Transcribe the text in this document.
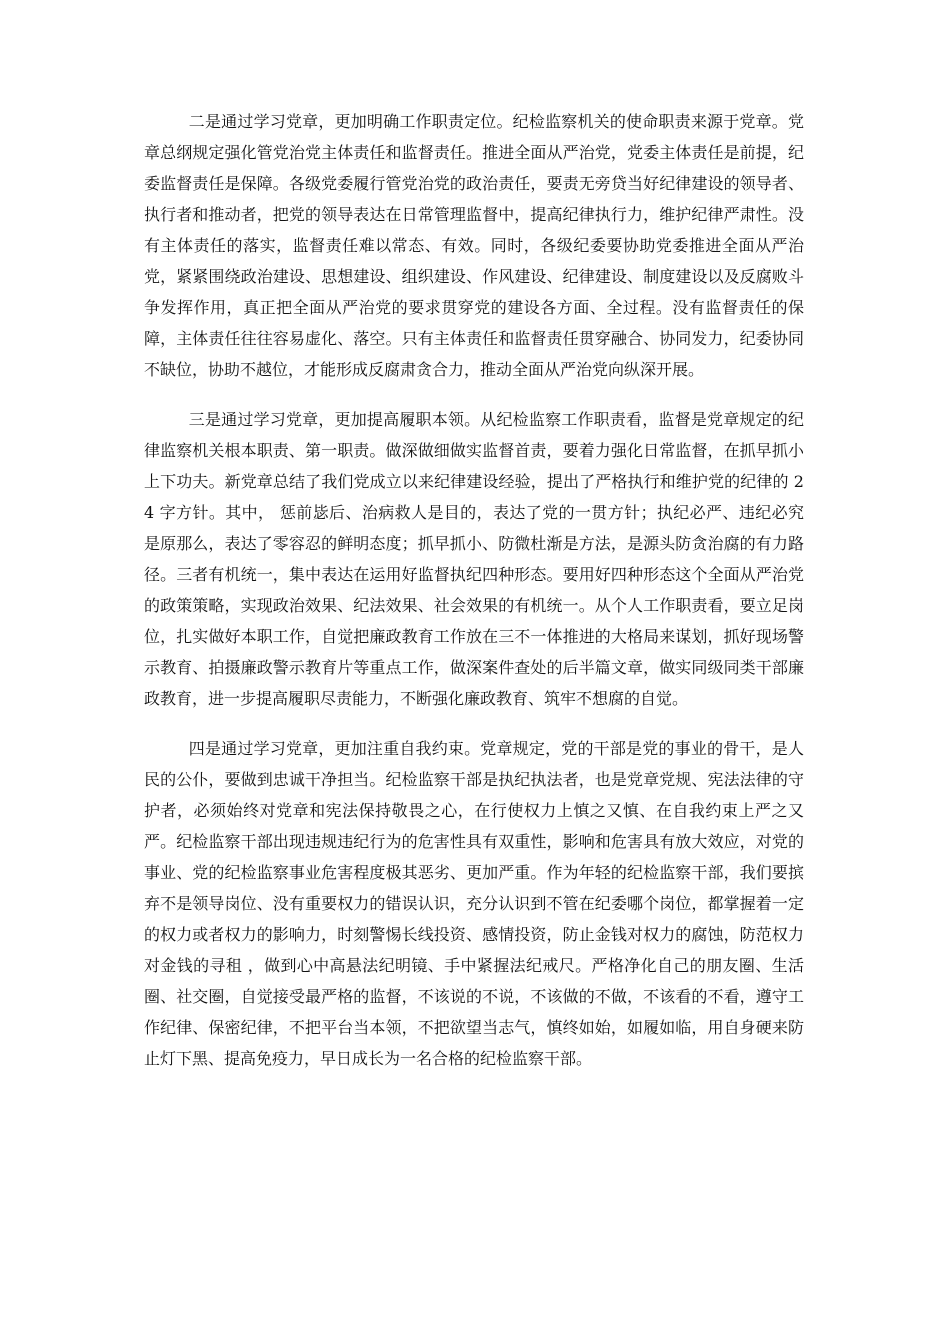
二是通过学习党章，更加明确工作职责定位。纪检监察机关的使命职责来源于党章。党章总纲规定强化管党治党主体责任和监督责任。推进全面从严治党，党委主体责任是前提，纪委监督责任是保障。各级党委履行管党治党的政治责任，要责无旁贷当好纪律建设的领导者、执行者和推动者，把党的领导表达在日常管理监督中，提高纪律执行力，维护纪律严肃性。没有主体责任的落实，监督责任难以常态、有效。同时，各级纪委要协助党委推进全面从严治党，紧紧围绕政治建设、思想建设、组织建设、作风建设、纪律建设、制度建设以及反腐败斗争发挥作用，真正把全面从严治党的要求贯穿党的建设各方面、全过程。没有监督责任的保障，主体责任往往容易虚化、落空。只有主体责任和监督责任贯穿融合、协同发力，纪委协同不缺位，协助不越位，才能形成反腐肃贪合力，推动全面从严治党向纵深开展。

三是通过学习党章，更加提高履职本领。从纪检监察工作职责看，监督是党章规定的纪律监察机关根本职责、第一职责。做深做细做实监督首责，要着力强化日常监督，在抓早抓小上下功夫。新党章总结了我们党成立以来纪律建设经验，提出了严格执行和维护党的纪律的 24 字方针。其中， 惩前毖后、治病救人是目的，表达了党的一贯方针；执纪必严、违纪必究是原那么，表达了零容忍的鲜明态度；抓早抓小、防微杜渐是方法，是源头防贪治腐的有力路径。三者有机统一，集中表达在运用好监督执纪四种形态。要用好四种形态这个全面从严治党的政策策略，实现政治效果、纪法效果、社会效果的有机统一。从个人工作职责看，要立足岗位，扎实做好本职工作，自觉把廉政教育工作放在三不一体推进的大格局来谋划，抓好现场警示教育、拍摄廉政警示教育片等重点工作，做深案件查处的后半篇文章，做实同级同类干部廉政教育，进一步提高履职尽责能力，不断强化廉政教育、筑牢不想腐的自觉。

四是通过学习党章，更加注重自我约束。党章规定，党的干部是党的事业的骨干，是人民的公仆，要做到忠诚干净担当。纪检监察干部是执纪执法者，也是党章党规、宪法法律的守护者，必须始终对党章和宪法保持敬畏之心，在行使权力上慎之又慎、在自我约束上严之又严。纪检监察干部出现违规违纪行为的危害性具有双重性，影响和危害具有放大效应，对党的事业、党的纪检监察事业危害程度极其恶劣、更加严重。作为年轻的纪检监察干部，我们要摈弃不是领导岗位、没有重要权力的错误认识，充分认识到不管在纪委哪个岗位，都掌握着一定的权力或者权力的影响力，时刻警惕长线投资、感情投资，防止金钱对权力的腐蚀，防范权力对金钱的寻租 ，做到心中高悬法纪明镜、手中紧握法纪戒尺。严格净化自己的朋友圈、生活圈、社交圈，自觉接受最严格的监督，不该说的不说，不该做的不做，不该看的不看，遵守工作纪律、保密纪律，不把平台当本领，不把欲望当志气，慎终如始，如履如临，用自身硬来防止灯下黑、提高免疫力，早日成长为一名合格的纪检监察干部。
